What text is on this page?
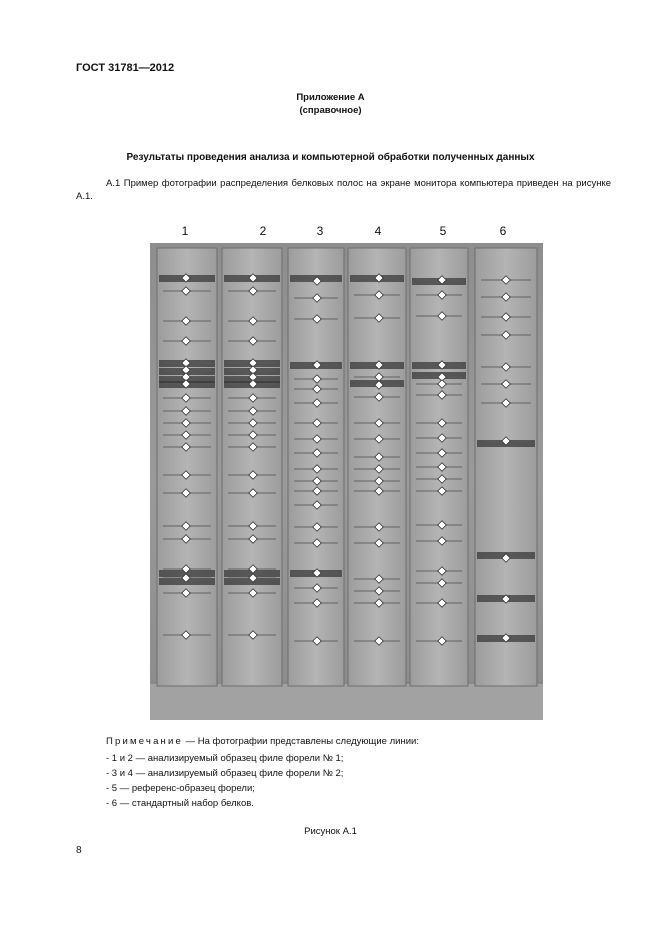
ГОСТ 31781—2012
Приложение А
(справочное)
Результаты проведения анализа и компьютерной обработки полученных данных
А.1 Пример фотографии распределения белковых полос на экране монитора компьютера приведен на рисунке А.1.
1	2	3	4	5	6
Примечание — На фотографии представлены следующие линии:
- 1 и 2 — анализируемый образец филе форели № 1;
- 3 и 4 — анализируемый образец филе форели № 2;
- 5 — референс-образец форели;
- 6 — стандартный набор белков.
Рисунок А.1
8
